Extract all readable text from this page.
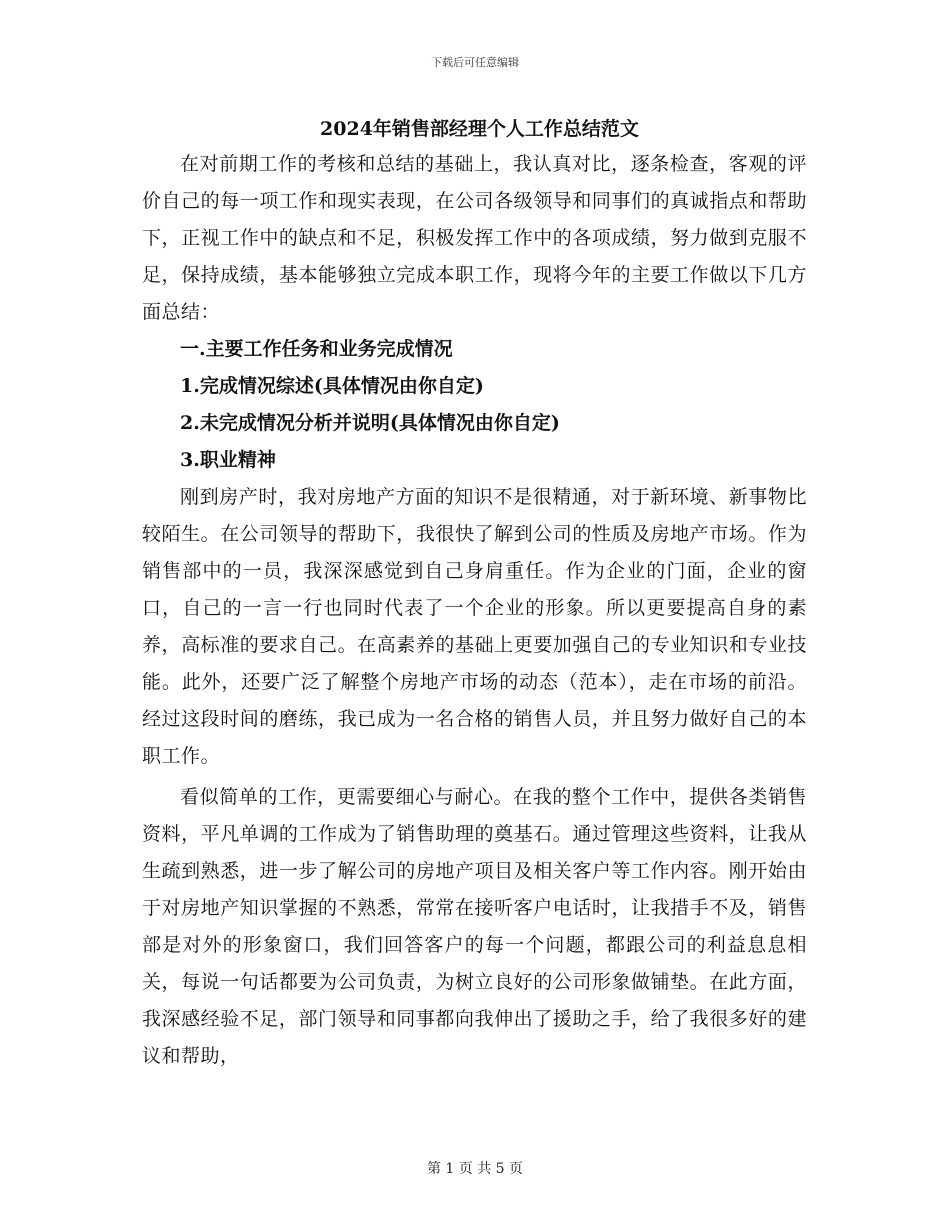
下载后可任意编辑
2024年销售部经理个人工作总结范文

在对前期工作的考核和总结的基础上，我认真对比，逐条检查，客观的评价自己的每一项工作和现实表现，在公司各级领导和同事们的真诚指点和帮助下，正视工作中的缺点和不足，积极发挥工作中的各项成绩，努力做到克服不足，保持成绩，基本能够独立完成本职工作，现将今年的主要工作做以下几方面总结：

一.主要工作任务和业务完成情况
1.完成情况综述(具体情况由你自定)
2.未完成情况分析并说明(具体情况由你自定)
3.职业精神

刚到房产时，我对房地产方面的知识不是很精通，对于新环境、新事物比较陌生。在公司领导的帮助下，我很快了解到公司的性质及房地产市场。作为销售部中的一员，我深深感觉到自己身肩重任。作为企业的门面，企业的窗口，自己的一言一行也同时代表了一个企业的形象。所以更要提高自身的素养，高标准的要求自己。在高素养的基础上更要加强自己的专业知识和专业技能。此外，还要广泛了解整个房地产市场的动态（范本），走在市场的前沿。经过这段时间的磨练，我已成为一名合格的销售人员，并且努力做好自己的本职工作。

看似简单的工作，更需要细心与耐心。在我的整个工作中，提供各类销售资料，平凡单调的工作成为了销售助理的奠基石。通过管理这些资料，让我从生疏到熟悉，进一步了解公司的房地产项目及相关客户等工作内容。刚开始由于对房地产知识掌握的不熟悉，常常在接听客户电话时，让我措手不及，销售部是对外的形象窗口，我们回答客户的每一个问题，都跟公司的利益息息相关，每说一句话都要为公司负责，为树立良好的公司形象做铺垫。在此方面，我深感经验不足，部门领导和同事都向我伸出了援助之手，给了我很多好的建议和帮助，

第 1 页 共 5 页
